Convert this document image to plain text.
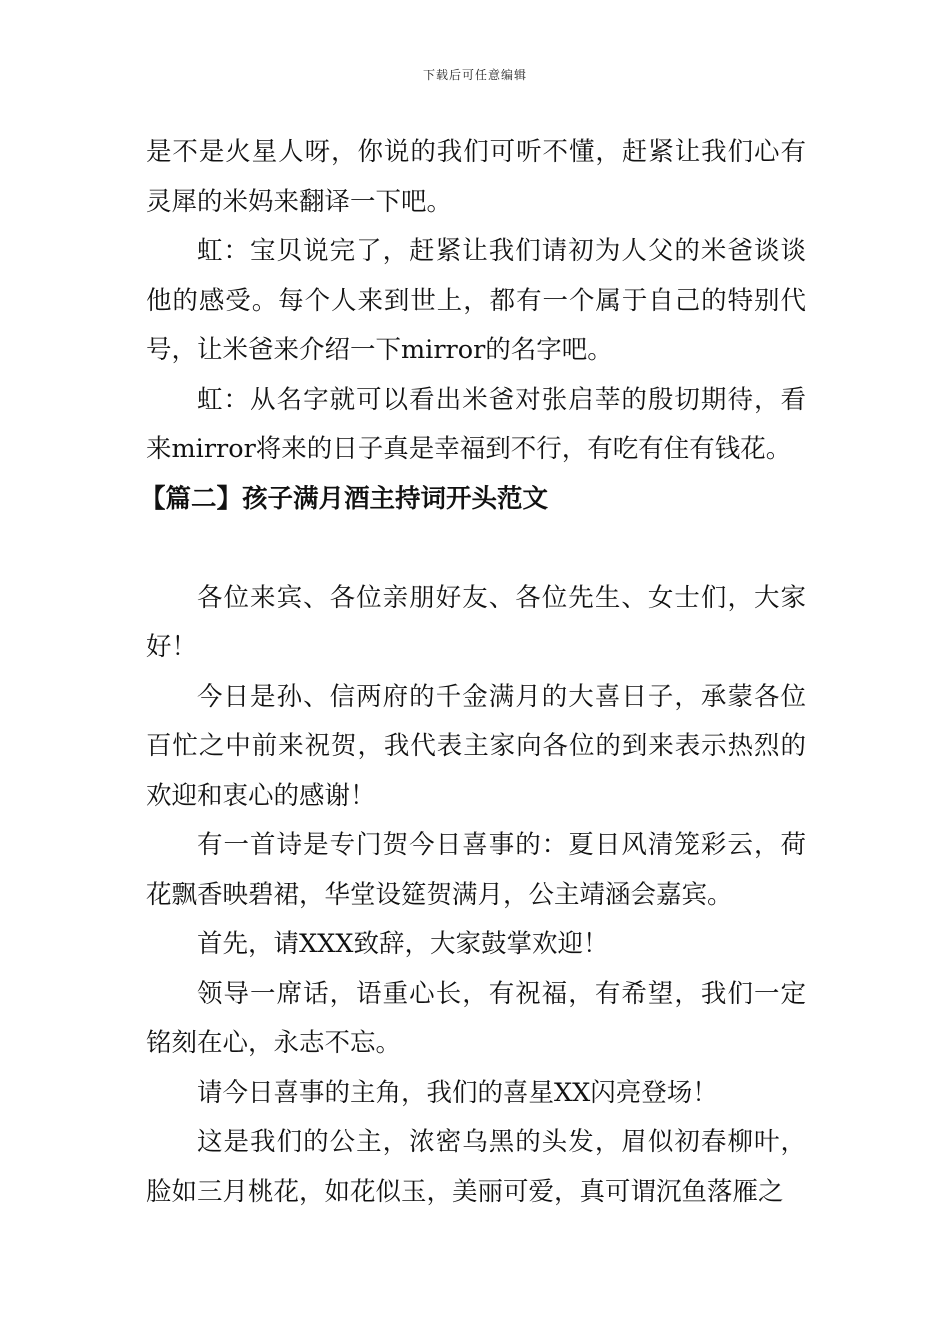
下载后可任意编辑

是不是火星人呀，你说的我们可听不懂，赶紧让我们心有灵犀的米妈来翻译一下吧。

虹：宝贝说完了，赶紧让我们请初为人父的米爸谈谈他的感受。每个人来到世上，都有一个属于自己的特别代号，让米爸来介绍一下mirror的名字吧。

虹：从名字就可以看出米爸对张启莘的殷切期待，看来mirror将来的日子真是幸福到不行，有吃有住有钱花。

【篇二】孩子满月酒主持词开头范文

各位来宾、各位亲朋好友、各位先生、女士们，大家好！

今日是孙、信两府的千金满月的大喜日子，承蒙各位百忙之中前来祝贺，我代表主家向各位的到来表示热烈的欢迎和衷心的感谢！

有一首诗是专门贺今日喜事的：夏日风清笼彩云，荷花飘香映碧裙，华堂设筵贺满月，公主靖涵会嘉宾。

首先，请XXX致辞，大家鼓掌欢迎！

领导一席话，语重心长，有祝福，有希望，我们一定铭刻在心，永志不忘。

请今日喜事的主角，我们的喜星XX闪亮登场！

这是我们的公主，浓密乌黑的头发，眉似初春柳叶，脸如三月桃花，如花似玉，美丽可爱，真可谓沉鱼落雁之
